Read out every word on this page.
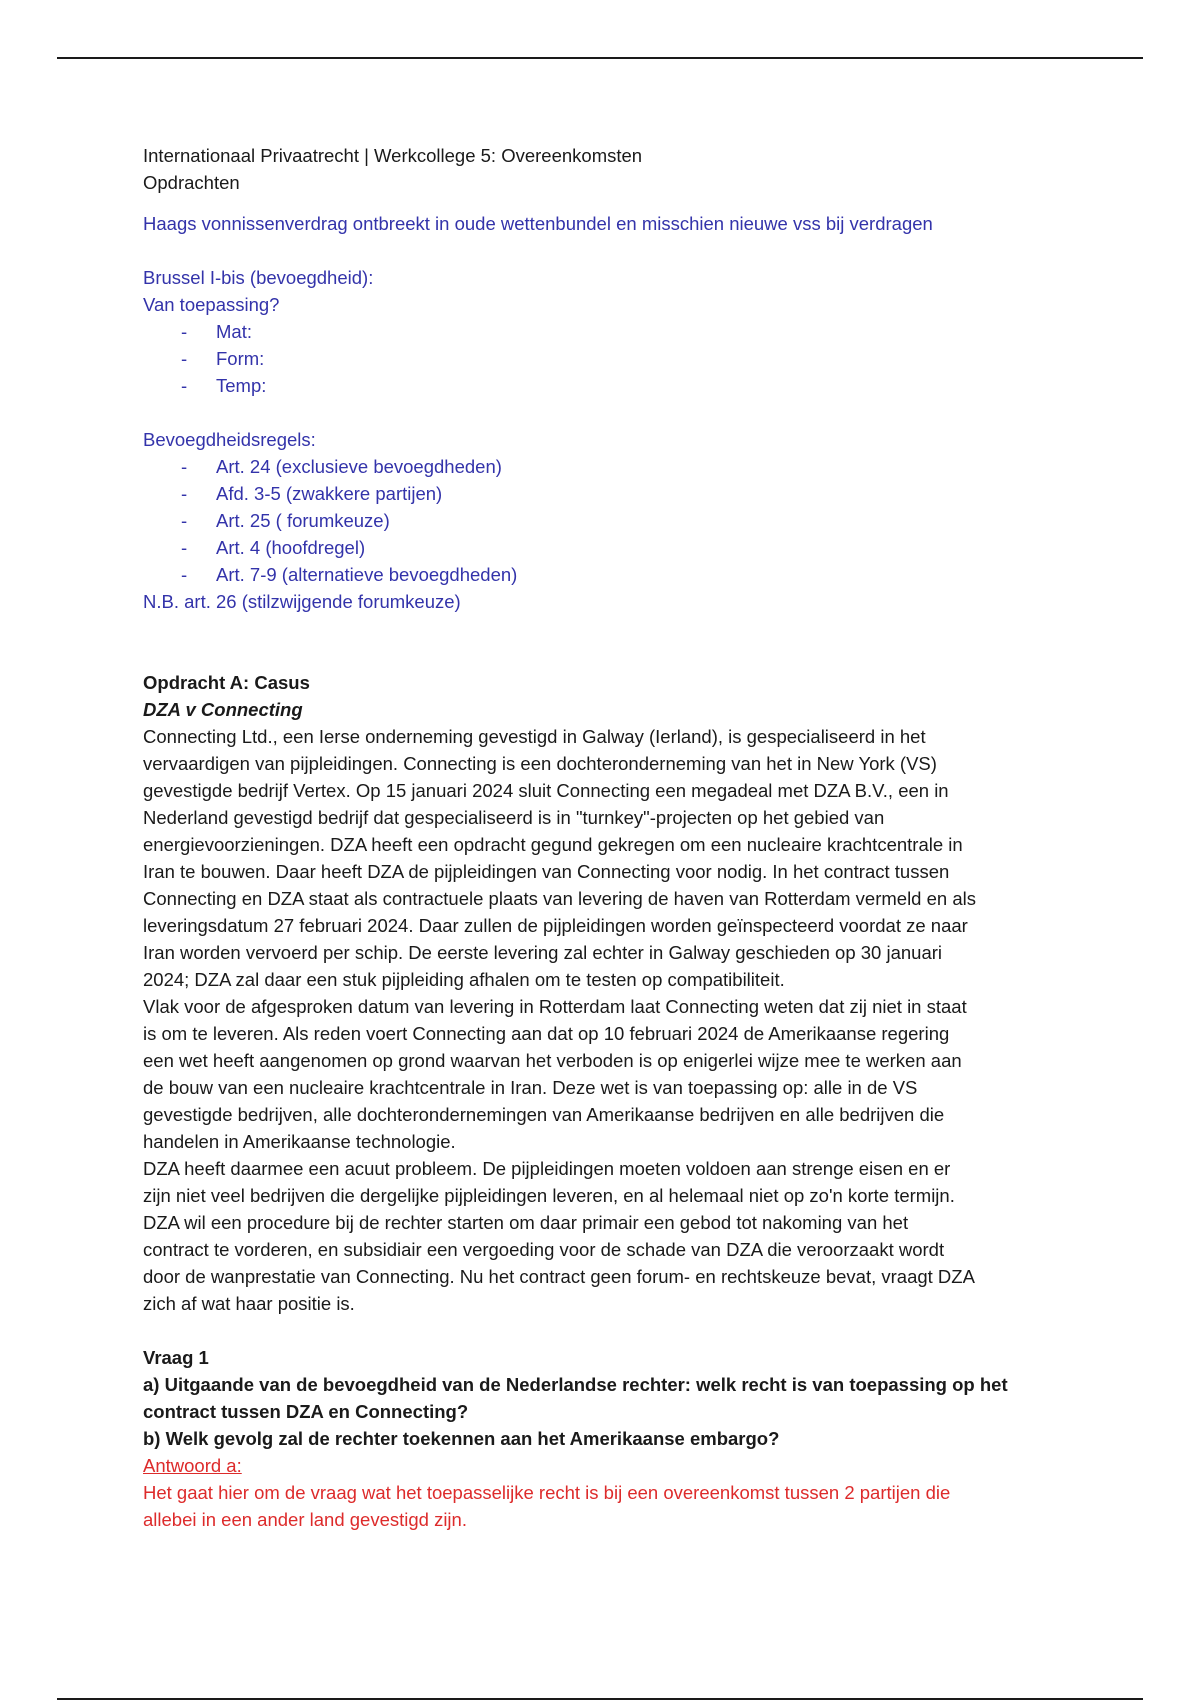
Internationaal Privaatrecht | Werkcollege 5: Overeenkomsten
Opdrachten
Haags vonnissenverdrag ontbreekt in oude wettenbundel en misschien nieuwe vss bij verdragen
Brussel I-bis (bevoegdheid):
Van toepassing?
- Mat:
- Form:
- Temp:
Bevoegdheidsregels:
- Art. 24 (exclusieve bevoegdheden)
- Afd. 3-5 (zwakkere partijen)
- Art. 25 ( forumkeuze)
- Art. 4 (hoofdregel)
- Art. 7-9 (alternatieve bevoegdheden)
N.B. art. 26 (stilzwijgende forumkeuze)
Opdracht A: Casus
DZA v Connecting

Connecting Ltd., een Ierse onderneming gevestigd in Galway (Ierland), is gespecialiseerd in het

vervaardigen van pijpleidingen. Connecting is een dochteronderneming van het in New York (VS)

gevestigde bedrijf Vertex. Op 15 januari 2024 sluit Connecting een megadeal met DZA B.V., een in

Nederland gevestigd bedrijf dat gespecialiseerd is in "turnkey"-projecten op het gebied van

energievoorzieningen. DZA heeft een opdracht gegund gekregen om een nucleaire krachtcentrale in

Iran te bouwen. Daar heeft DZA de pijpleidingen van Connecting voor nodig. In het contract tussen

Connecting en DZA staat als contractuele plaats van levering de haven van Rotterdam vermeld en als

leveringsdatum 27 februari 2024. Daar zullen de pijpleidingen worden geïnspecteerd voordat ze naar

Iran worden vervoerd per schip. De eerste levering zal echter in Galway geschieden op 30 januari

2024; DZA zal daar een stuk pijpleiding afhalen om te testen op compatibiliteit.

Vlak voor de afgesproken datum van levering in Rotterdam laat Connecting weten dat zij niet in staat

is om te leveren. Als reden voert Connecting aan dat op 10 februari 2024 de Amerikaanse regering

een wet heeft aangenomen op grond waarvan het verboden is op enigerlei wijze mee te werken aan

de bouw van een nucleaire krachtcentrale in Iran. Deze wet is van toepassing op: alle in de VS

gevestigde bedrijven, alle dochterondernemingen van Amerikaanse bedrijven en alle bedrijven die

handelen in Amerikaanse technologie.

DZA heeft daarmee een acuut probleem. De pijpleidingen moeten voldoen aan strenge eisen en er

zijn niet veel bedrijven die dergelijke pijpleidingen leveren, en al helemaal niet op zo'n korte termijn.

DZA wil een procedure bij de rechter starten om daar primair een gebod tot nakoming van het

contract te vorderen, en subsidiair een vergoeding voor de schade van DZA die veroorzaakt wordt

door de wanprestatie van Connecting. Nu het contract geen forum- en rechtskeuze bevat, vraagt DZA

zich af wat haar positie is.

Vraag 1
a) Uitgaande van de bevoegdheid van de Nederlandse rechter: welk recht is van toepassing op het
contract tussen DZA en Connecting?
b) Welk gevolg zal de rechter toekennen aan het Amerikaanse embargo?
Antwoord a:
Het gaat hier om de vraag wat het toepasselijke recht is bij een overeenkomst tussen 2 partijen die
allebei in een ander land gevestigd zijn.
